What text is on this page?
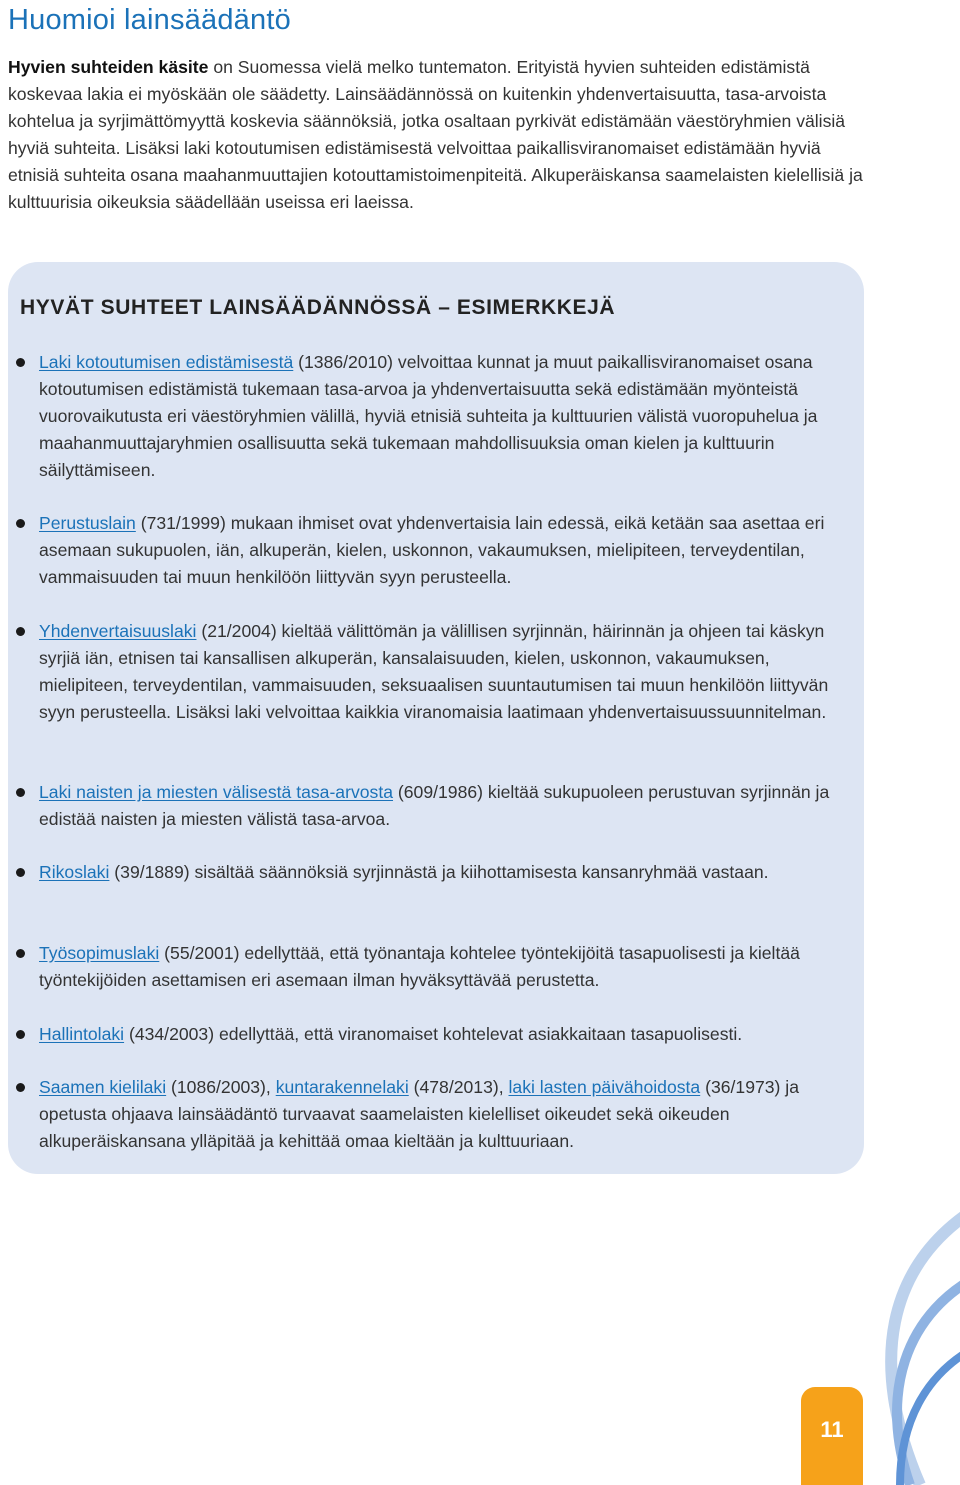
Huomioi lainsäädäntö

Hyvien suhteiden käsite on Suomessa vielä melko tuntematon. Erityistä hyvien suhteiden edistämistä koskevaa lakia ei myöskään ole säädetty. Lainsäädännössä on kuitenkin yhdenvertaisuutta, tasa-arvoista kohtelua ja syrjimättömyyttä koskevia säännöksiä, jotka osaltaan pyrkivät edistämään väestöryhmien välisiä hyviä suhteita. Lisäksi laki kotoutumisen edistämisestä velvoittaa paikallisviranomaiset edistämään hyviä etnisiä suhteita osana maahanmuuttajien kotouttamistoimenpiteitä. Alkuperäiskansa saamelaisten kielellisiä ja kulttuurisia oikeuksia säädellään useissa eri laeissa.

HYVÄT SUHTEET LAINSÄÄDÄNNÖSSÄ – ESIMERKKEJÄ
Laki kotoutumisen edistämisestä (1386/2010) velvoittaa kunnat ja muut paikallisviranomaiset osana kotoutumisen edistämistä tukemaan tasa-arvoa ja yhdenvertaisuutta sekä edistämään myönteistä vuorovaikutusta eri väestöryhmien välillä, hyviä etnisiä suhteita ja kulttuurien välistä vuoropuhelua ja maahanmuuttajaryhmien osallisuutta sekä tukemaan mahdollisuuksia oman kielen ja kulttuurin säilyttämiseen.
Perustuslain (731/1999) mukaan ihmiset ovat yhdenvertaisia lain edessä, eikä ketään saa asettaa eri asemaan sukupuolen, iän, alkuperän, kielen, uskonnon, vakaumuksen, mielipiteen, terveydentilan, vammaisuuden tai muun henkilöön liittyvän syyn perusteella.
Yhdenvertaisuuslaki (21/2004) kieltää välittömän ja välillisen syrjinnän, häirinnän ja ohjeen tai käskyn syrjiä iän, etnisen tai kansallisen alkuperän, kansalaisuuden, kielen, uskonnon, vakaumuksen, mielipiteen, terveydentilan, vammaisuuden, seksuaalisen suuntautumisen tai muun henkilöön liittyvän syyn perusteella. Lisäksi laki velvoittaa kaikkia viranomaisia laatimaan yhdenvertaisuussuunnitelman.
Laki naisten ja miesten välisestä tasa-arvosta (609/1986) kieltää sukupuoleen perustuvan syrjinnän ja edistää naisten ja miesten välistä tasa-arvoa.
Rikoslaki (39/1889) sisältää säännöksiä syrjinnästä ja kiihottamisesta kansanryhmää vastaan.
Työsopimuslaki (55/2001) edellyttää, että työnantaja kohtelee työntekijöitä tasapuolisesti ja kieltää työntekijöiden asettamisen eri asemaan ilman hyväksyttävää perustetta.
Hallintolaki (434/2003) edellyttää, että viranomaiset kohtelevat asiakkaitaan tasapuolisesti.
Saamen kielilaki (1086/2003), kuntarakennelaki (478/2013), laki lasten päivähoidosta (36/1973) ja opetusta ohjaava lainsäädäntö turvaavat saamelaisten kielelliset oikeudet sekä oikeuden alkuperäiskansana ylläpitää ja kehittää omaa kieltään ja kulttuuriaan.
11
